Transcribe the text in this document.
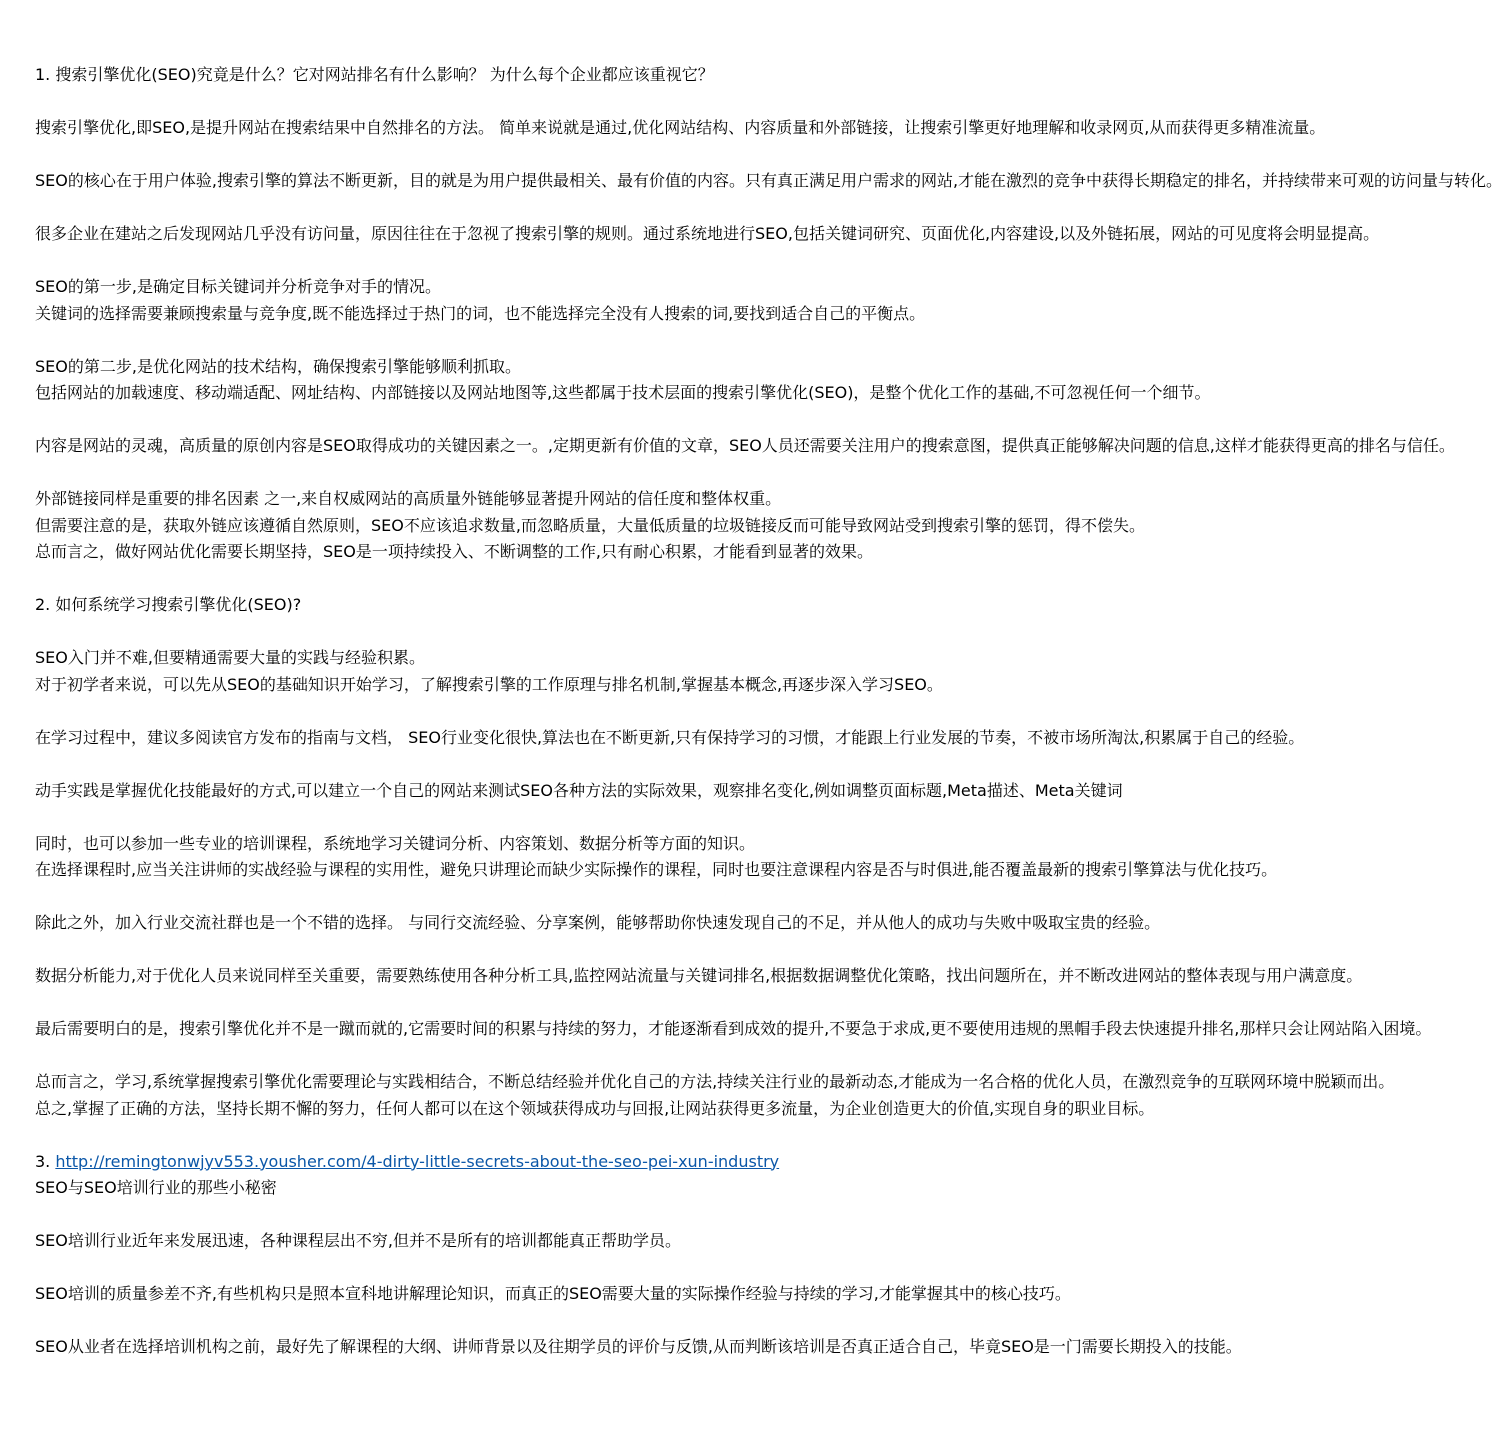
1. 搜索引擎优化(SEO)究竟是什么？它对网站排名有什么影响？ 为什么每个企业都应该重视它？
搜索引擎优化,即SEO,是提升网站在搜索结果中自然排名的方法。 简单来说就是通过,优化网站结构、内容质量和外部链接，让搜索引擎更好地理解和收录网页,从而获得更多精准流量。
SEO的核心在于用户体验,搜索引擎的算法不断更新，目的就是为用户提供最相关、最有价值的内容。只有真正满足用户需求的网站,才能在激烈的竞争中获得长期稳定的排名，并持续带来可观的访问量与转化。
很多企业在建站之后发现网站几乎没有访问量，原因往往在于忽视了搜索引擎的规则。通过系统地进行SEO,包括关键词研究、页面优化,内容建设,以及外链拓展，网站的可见度将会明显提高。
SEO的第一步,是确定目标关键词并分析竞争对手的情况。
关键词的选择需要兼顾搜索量与竞争度,既不能选择过于热门的词，也不能选择完全没有人搜索的词,要找到适合自己的平衡点。
SEO的第二步,是优化网站的技术结构，确保搜索引擎能够顺利抓取。
包括网站的加载速度、移动端适配、网址结构、内部链接以及网站地图等,这些都属于技术层面的搜索引擎优化(SEO)，是整个优化工作的基础,不可忽视任何一个细节。
内容是网站的灵魂，高质量的原创内容是SEO取得成功的关键因素之一。,定期更新有价值的文章，SEO人员还需要关注用户的搜索意图，提供真正能够解决问题的信息,这样才能获得更高的排名与信任。
外部链接同样是重要的排名因素 之一,来自权威网站的高质量外链能够显著提升网站的信任度和整体权重。
但需要注意的是，获取外链应该遵循自然原则，SEO不应该追求数量,而忽略质量，大量低质量的垃圾链接反而可能导致网站受到搜索引擎的惩罚，得不偿失。
总而言之，做好网站优化需要长期坚持，SEO是一项持续投入、不断调整的工作,只有耐心积累，才能看到显著的效果。
2. 如何系统学习搜索引擎优化(SEO)?
SEO入门并不难,但要精通需要大量的实践与经验积累。
对于初学者来说，可以先从SEO的基础知识开始学习，了解搜索引擎的工作原理与排名机制,掌握基本概念,再逐步深入学习SEO。
在学习过程中，建议多阅读官方发布的指南与文档， SEO行业变化很快,算法也在不断更新,只有保持学习的习惯，才能跟上行业发展的节奏，不被市场所淘汰,积累属于自己的经验。
动手实践是掌握优化技能最好的方式,可以建立一个自己的网站来测试SEO各种方法的实际效果，观察排名变化,例如调整页面标题,Meta描述、Meta关键词
同时，也可以参加一些专业的培训课程，系统地学习关键词分析、内容策划、数据分析等方面的知识。
在选择课程时,应当关注讲师的实战经验与课程的实用性，避免只讲理论而缺少实际操作的课程，同时也要注意课程内容是否与时俱进,能否覆盖最新的搜索引擎算法与优化技巧。
除此之外，加入行业交流社群也是一个不错的选择。 与同行交流经验、分享案例，能够帮助你快速发现自己的不足，并从他人的成功与失败中吸取宝贵的经验。
数据分析能力,对于优化人员来说同样至关重要，需要熟练使用各种分析工具,监控网站流量与关键词排名,根据数据调整优化策略，找出问题所在，并不断改进网站的整体表现与用户满意度。
最后需要明白的是，搜索引擎优化并不是一蹴而就的,它需要时间的积累与持续的努力，才能逐渐看到成效的提升,不要急于求成,更不要使用违规的黑帽手段去快速提升排名,那样只会让网站陷入困境。
总而言之，学习,系统掌握搜索引擎优化需要理论与实践相结合，不断总结经验并优化自己的方法,持续关注行业的最新动态,才能成为一名合格的优化人员，在激烈竞争的互联网环境中脱颖而出。
总之,掌握了正确的方法，坚持长期不懈的努力，任何人都可以在这个领域获得成功与回报,让网站获得更多流量，为企业创造更大的价值,实现自身的职业目标。
3. http://remingtonwjyv553.yousher.com/4-dirty-little-secrets-about-the-seo-pei-xun-industry
SEO与SEO培训行业的那些小秘密
SEO培训行业近年来发展迅速，各种课程层出不穷,但并不是所有的培训都能真正帮助学员。
SEO培训的质量参差不齐,有些机构只是照本宣科地讲解理论知识，而真正的SEO需要大量的实际操作经验与持续的学习,才能掌握其中的核心技巧。
SEO从业者在选择培训机构之前，最好先了解课程的大纲、讲师背景以及往期学员的评价与反馈,从而判断该培训是否真正适合自己，毕竟SEO是一门需要长期投入的技能。
